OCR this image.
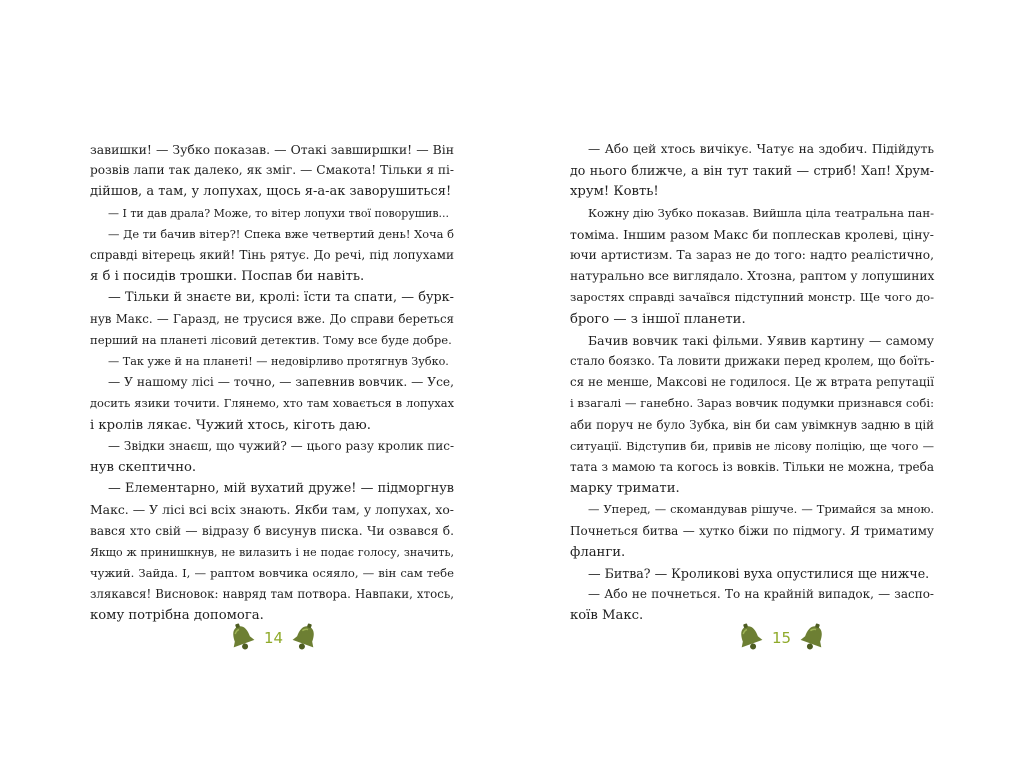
завишки! — Зубко показав. — Отакі завширшки! — Він
розвів лапи так далеко, як зміг. — Смакота! Тільки я пі-
дійшов, а там, у лопухах, щось я-а-ак заворушиться!
— І ти дав драла? Може, то вітер лопухи твої поворушив...
— Де ти бачив вітер?! Спека вже четвертий день! Хоча б
справді вітерець який! Тінь рятує. До речі, під лопухами
я б і посидів трошки. Поспав би навіть.
— Тільки й знаєте ви, кролі: їсти та спати, — бурк-
нув Макс. — Гаразд, не трусися вже. До справи береться
перший на планеті лісовий детектив. Тому все буде добре.
— Так уже й на планеті! — недовірливо протягнув Зубко.
— У нашому лісі — точно, — запевнив вовчик. — Усе,
досить язики точити. Глянемо, хто там ховається в лопухах
і кролів лякає. Чужий хтось, кіготь даю.
— Звідки знаєш, що чужий? — цього разу кролик пис-
нув скептично.
— Елементарно, мій вухатий друже! — підморгнув
Макс. — У лісі всі всіх знають. Якби там, у лопухах, хо-
вався хто свій — відразу б висунув писка. Чи озвався б.
Якщо ж принишкнув, не вилазить і не подає голосу, значить,
чужий. Зайда. І, — раптом вовчика осяяло, — він сам тебе
злякався! Висновок: навряд там потвора. Навпаки, хтось,
кому потрібна допомога.
14
— Або цей хтось вичікує. Чатує на здобич. Підійдуть
до нього ближче, а він тут такий — стриб! Хап! Хрум-
хрум! Ковть!
Кожну дію Зубко показав. Вийшла ціла театральна пан-
томіма. Іншим разом Макс би поплескав кролеві, ціну-
ючи артистизм. Та зараз не до того: надто реалістично,
натурально все виглядало. Хтозна, раптом у лопушиних
заростях справді зачаївся підступний монстр. Ще чого до-
брого — з іншої планети.
Бачив вовчик такі фільми. Уявив картину — самому
стало боязко. Та ловити дрижаки перед кролем, що боїть-
ся не менше, Максові не годилося. Це ж втрата репутації
і взагалі — ганебно. Зараз вовчик подумки признався собі:
аби поруч не було Зубка, він би сам увімкнув задню в цій
ситуації. Відступив би, привів не лісову поліцію, ще чого —
тата з мамою та когось із вовків. Тільки не можна, треба
марку тримати.
— Уперед, — скомандував рішуче. — Тримайся за мною.
Почнеться битва — хутко біжи по підмогу. Я триматиму
фланги.
— Битва? — Кроликові вуха опустилися ще нижче.
— Або не почнеться. То на крайній випадок, — заспо-
коїв Макс.
15
